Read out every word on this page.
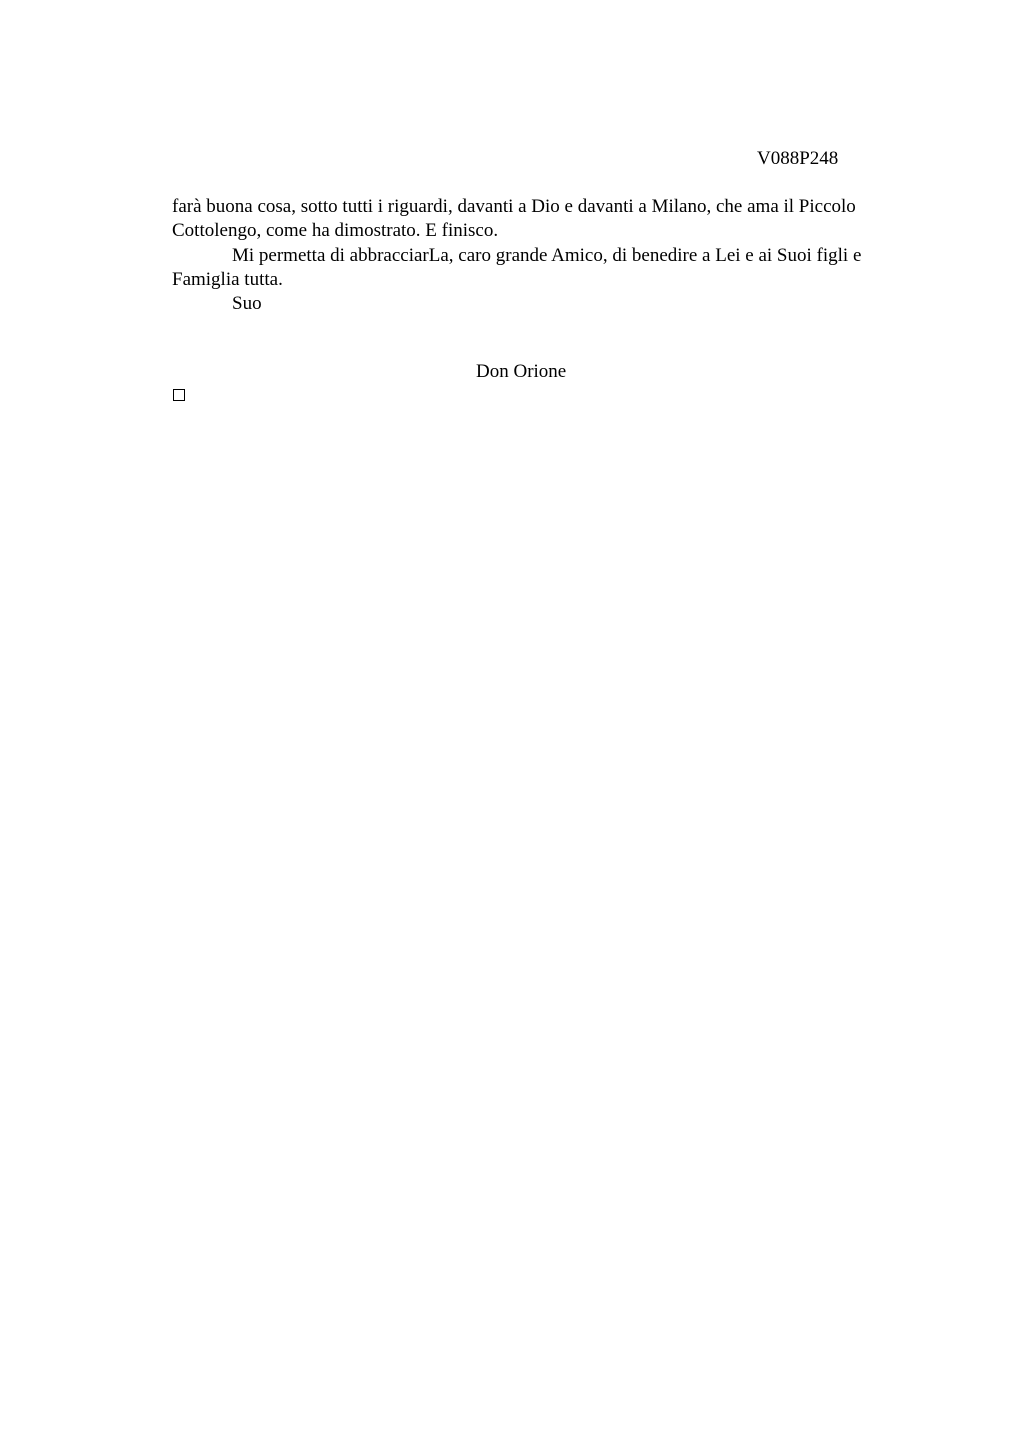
V088P248

farà buona cosa, sotto tutti i riguardi, davanti a Dio e davanti a Milano, che ama il Piccolo Cottolengo, come ha dimostrato. E finisco.

Mi permetta di abbracciarLa, caro grande Amico, di benedire a Lei e ai Suoi figli e Famiglia tutta.

Suo

Don Orione
